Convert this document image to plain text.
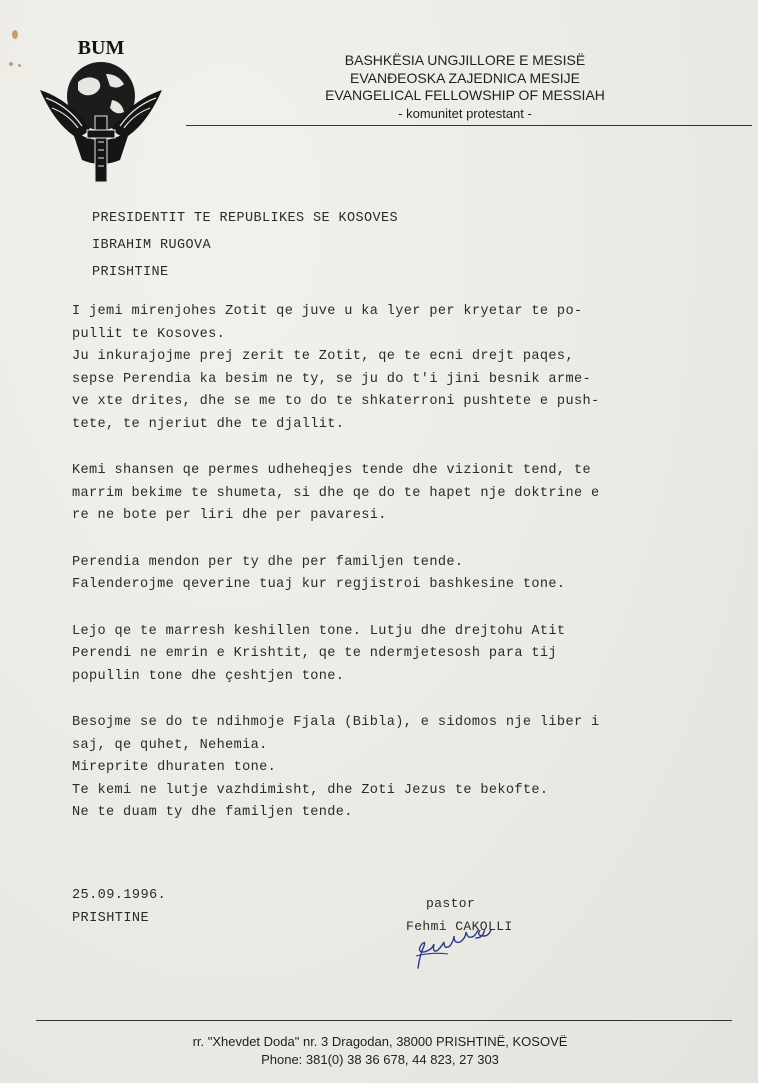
BUM
BASHKËSIA UNGJILLORE E MESISË
EVANĐEOSKA ZAJEDNICA MESIJE
EVANGELICAL FELLOWSHIP OF MESSIAH
- komunitet protestant -
PRESIDENTIT TE REPUBLIKES SE KOSOVES
IBRAHIM RUGOVA
PRISHTINE

I jemi mirenjohes Zotit qe juve u ka lyer per kryetar te po-

pullit te Kosoves.

Ju inkurajojme prej zerit te Zotit, qe te ecni drejt paqes,

sepse Perendia ka besim ne ty, se ju do t'i jini besnik arme-

ve xte drites, dhe se me to do te shkaterroni pushtete e push-

tete, te njeriut dhe te djallit.

Kemi shansen qe permes udheheqjes tende dhe vizionit tend, te

marrim bekime te shumeta, si dhe qe do te hapet nje doktrine e

re ne bote per liri dhe per pavaresi.

Perendia mendon per ty dhe per familjen tende.

Falenderojme qeverine tuaj kur regjistroi bashkesine tone.

Lejo qe te marresh keshillen tone. Lutju dhe drejtohu Atit

Perendi ne emrin e Krishtit, qe te ndermjetesosh para tij

popullin tone dhe çeshtjen tone.

Besojme se do te ndihmoje Fjala (Bibla), e sidomos nje liber i

saj, qe quhet, Nehemia.

Mireprite dhuraten tone.

Te kemi ne lutje vazhdimisht, dhe Zoti Jezus te bekofte.

Ne te duam ty dhe familjen tende.

25.09.1996.
PRISHTINE
pastor
Fehmi CAKOLLI
rr. "Xhevdet Doda" nr. 3 Dragodan, 38000 PRISHTINË, KOSOVË
Phone: 381(0) 38 36 678, 44 823, 27 303
